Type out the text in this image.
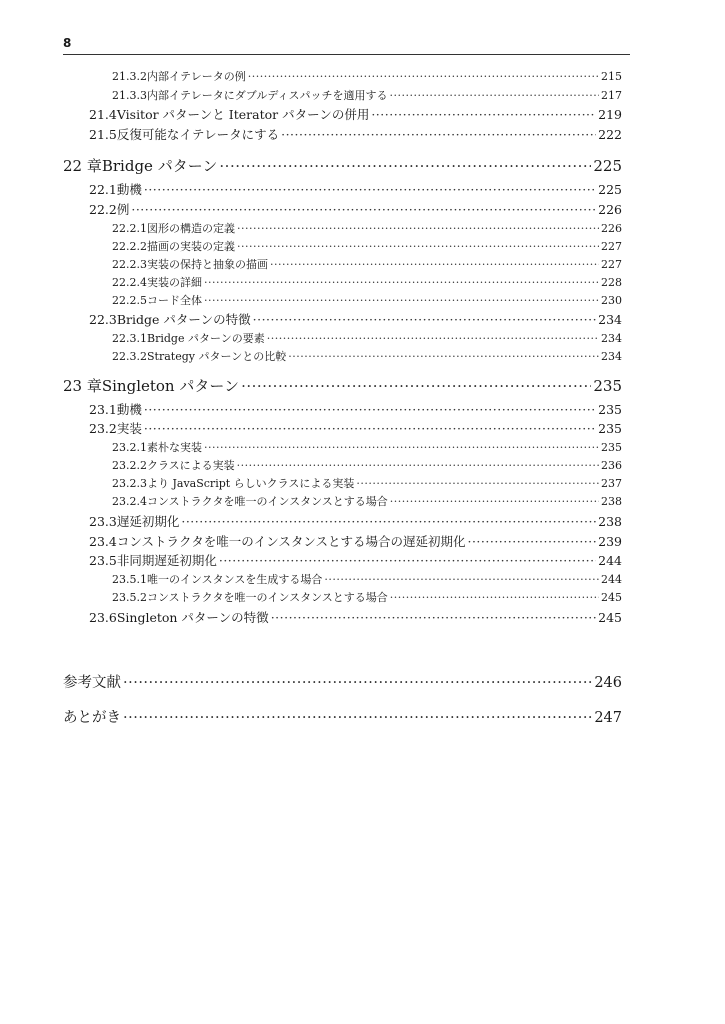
8
21.3.2 内部イテレータの例 ·····	215
21.3.3 内部イテレータにダブルディスパッチを適用する ·····	217
21.4 Visitor パターンと Iterator パターンの併用 ·····	219
21.5 反復可能なイテレータにする ·····	222
22 章 Bridge パターン ·····	225
22.1 動機 ·····	225
22.2 例 ·····	226
22.2.1 図形の構造の定義 ·····	226
22.2.2 描画の実装の定義 ·····	227
22.2.3 実装の保持と抽象の描画 ·····	227
22.2.4 実装の詳細 ·····	228
22.2.5 コード全体 ·····	230
22.3 Bridge パターンの特徴 ·····	234
22.3.1 Bridge パターンの要素 ·····	234
22.3.2 Strategy パターンとの比較 ·····	234
23 章 Singleton パターン ·····	235
23.1 動機 ·····	235
23.2 実装 ·····	235
23.2.1 素朴な実装 ·····	235
23.2.2 クラスによる実装 ·····	236
23.2.3 より JavaScript らしいクラスによる実装 ·····	237
23.2.4 コンストラクタを唯一のインスタンスとする場合 ·····	238
23.3 遅延初期化 ·····	238
23.4 コンストラクタを唯一のインスタンスとする場合の遅延初期化 ·····	239
23.5 非同期遅延初期化 ·····	244
23.5.1 唯一のインスタンスを生成する場合 ·····	244
23.5.2 コンストラクタを唯一のインスタンスとする場合 ·····	245
23.6 Singleton パターンの特徴 ·····	245
参考文献 ·····	246
あとがき ·····	247
